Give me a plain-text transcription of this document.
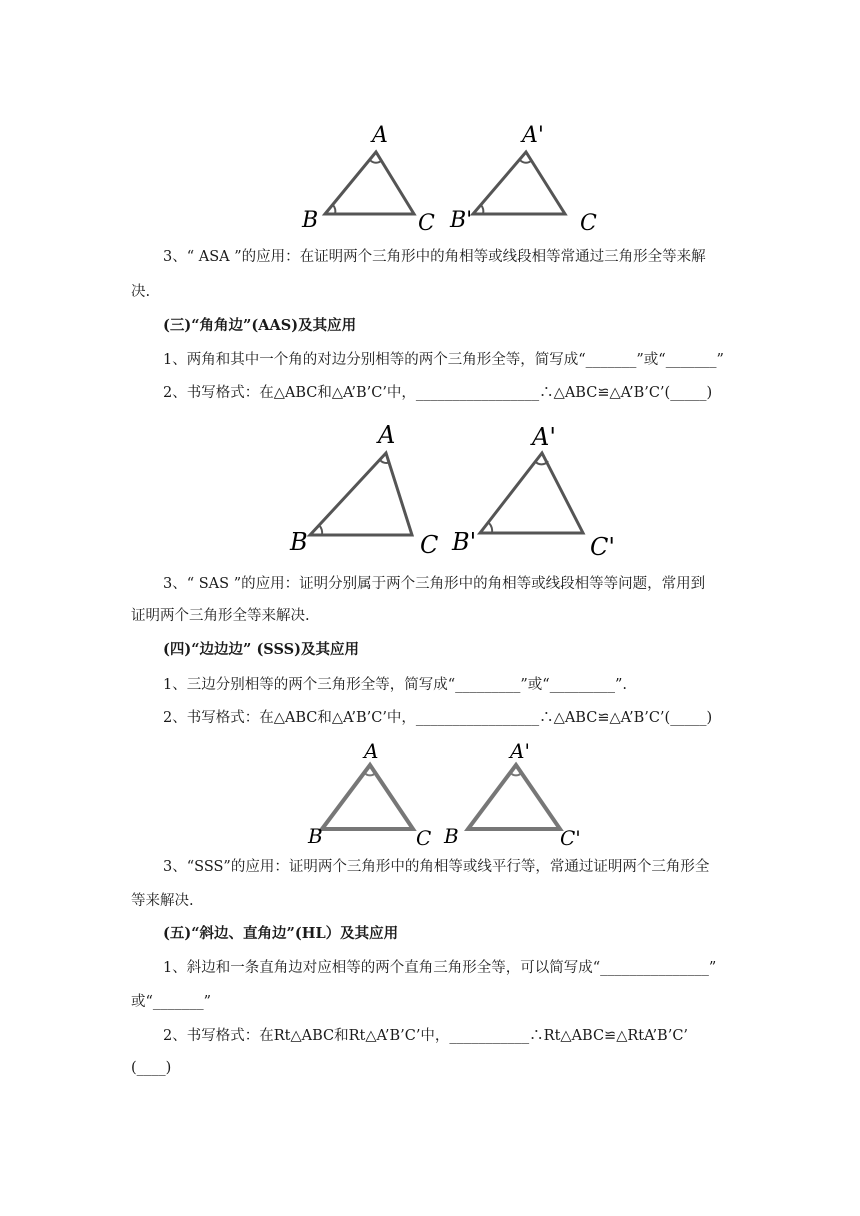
A
B	C
A'
B'	C
3、“ ASA ”的应用：在证明两个三角形中的角相等或线段相等常通过三角形全等来解
决.
(三)“角角边”(AAS)及其应用
1、两角和其中一个角的对边分别相等的两个三角形全等，简写成“_______”或“_______”
2、书写格式：在△ABC和△A’B’C’中，_________________∴△ABC≌△A’B’C’(_____)
A
B	C
A'
B'	C'
3、“ SAS ”的应用：证明分别属于两个三角形中的角相等或线段相等等问题，常用到
证明两个三角形全等来解决.
(四)“边边边” (SSS)及其应用
1、三边分别相等的两个三角形全等，简写成“_________”或“_________”.
2、书写格式：在△ABC和△A’B’C’中，_________________∴△ABC≌△A’B’C’(_____)
A
B	C
A'
B	C'
3、“SSS”的应用：证明两个三角形中的角相等或线平行等，常通过证明两个三角形全
等来解决.
(五)“斜边、直角边”(HL）及其应用
1、斜边和一条直角边对应相等的两个直角三角形全等，可以简写成“_______________”
或“_______”
2、书写格式：在Rt△ABC和Rt△A’B’C’中，___________∴Rt△ABC≌△RtA’B’C’
(____)
